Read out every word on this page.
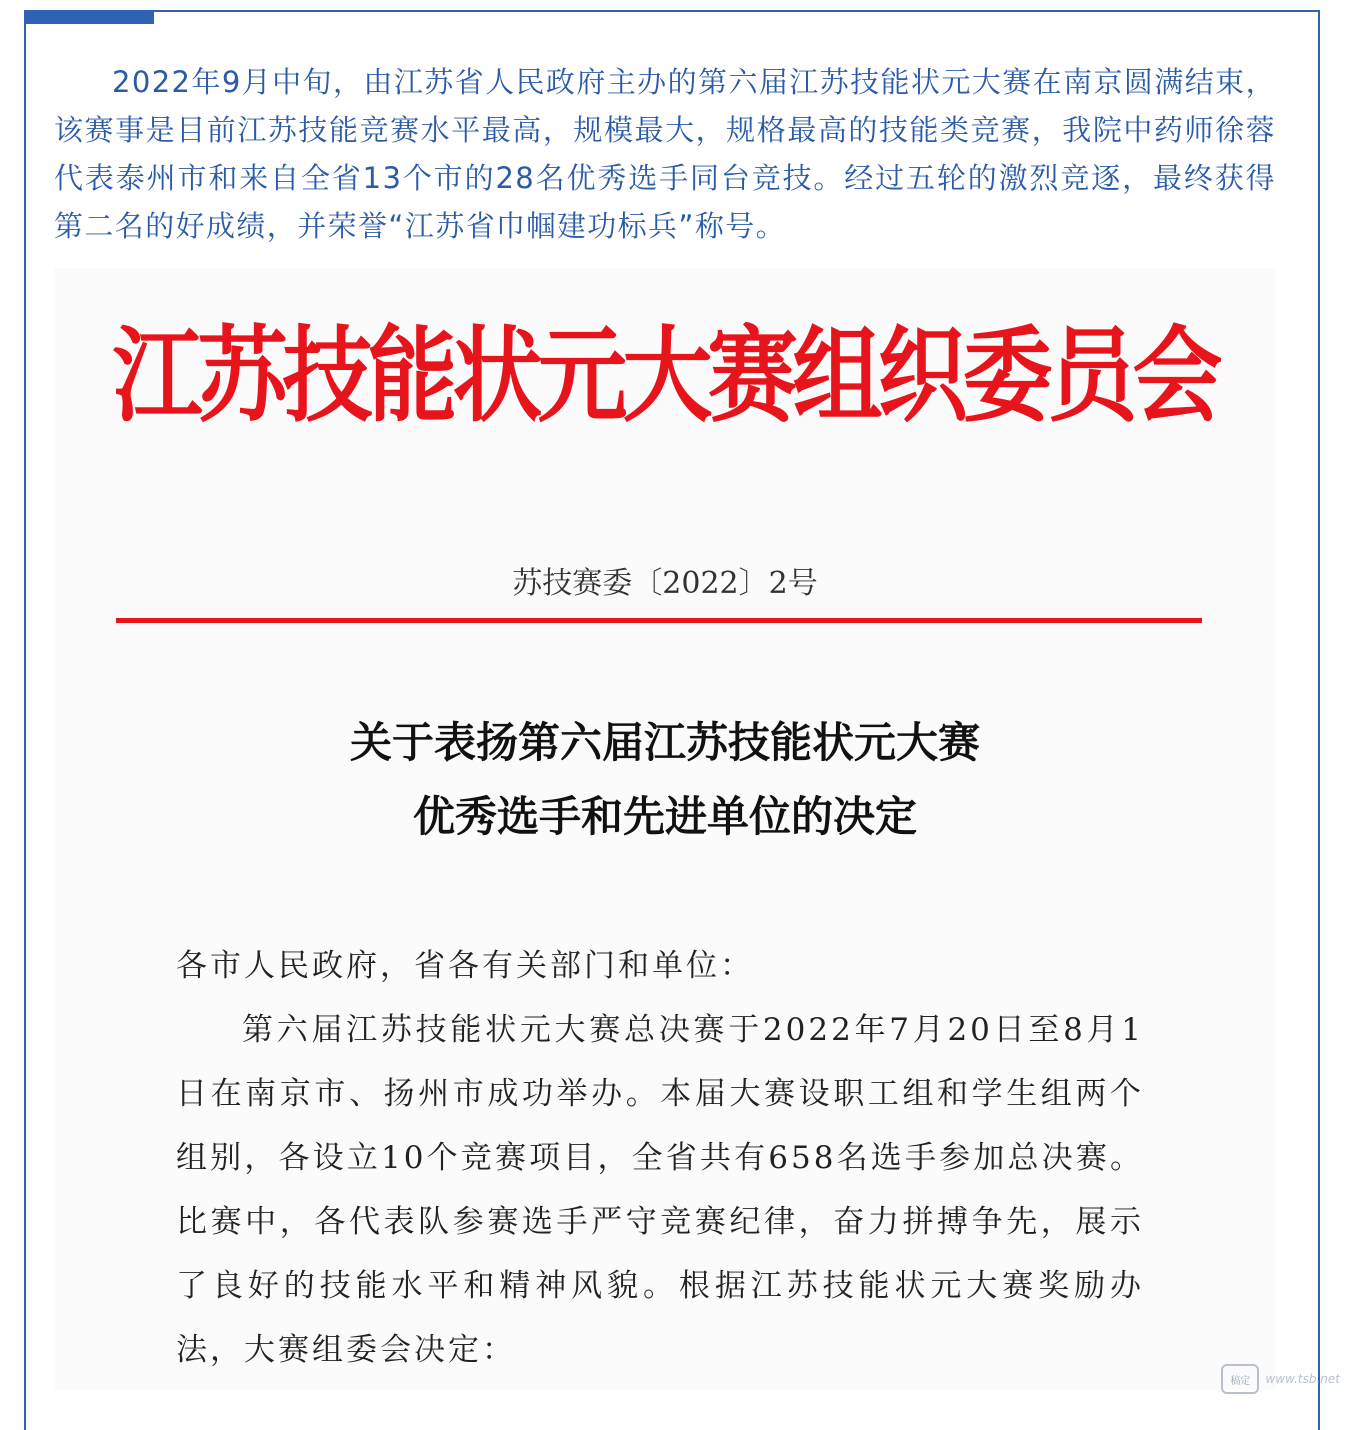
2022年9月中旬，由江苏省人民政府主办的第六届江苏技能状元大赛在南京圆满结束，该赛事是目前江苏技能竞赛水平最高，规模最大，规格最高的技能类竞赛，我院中药师徐蓉代表泰州市和来自全省13个市的28名优秀选手同台竞技。经过五轮的激烈竞逐，最终获得第二名的好成绩，并荣誉“江苏省巾帼建功标兵”称号。

江苏技能状元大赛组织委员会
苏技赛委〔2022〕2号
关于表扬第六届江苏技能状元大赛
优秀选手和先进单位的决定

各市人民政府，省各有关部门和单位：

第六届江苏技能状元大赛总决赛于2022年7月20日至8月1日在南京市、扬州市成功举办。本届大赛设职工组和学生组两个组别，各设立10个竞赛项目，全省共有658名选手参加总决赛。比赛中，各代表队参赛选手严守竞赛纪律，奋力拼搏争先，展示了良好的技能水平和精神风貌。根据江苏技能状元大赛奖励办法，大赛组委会决定：

稿定	www.tsb.net
